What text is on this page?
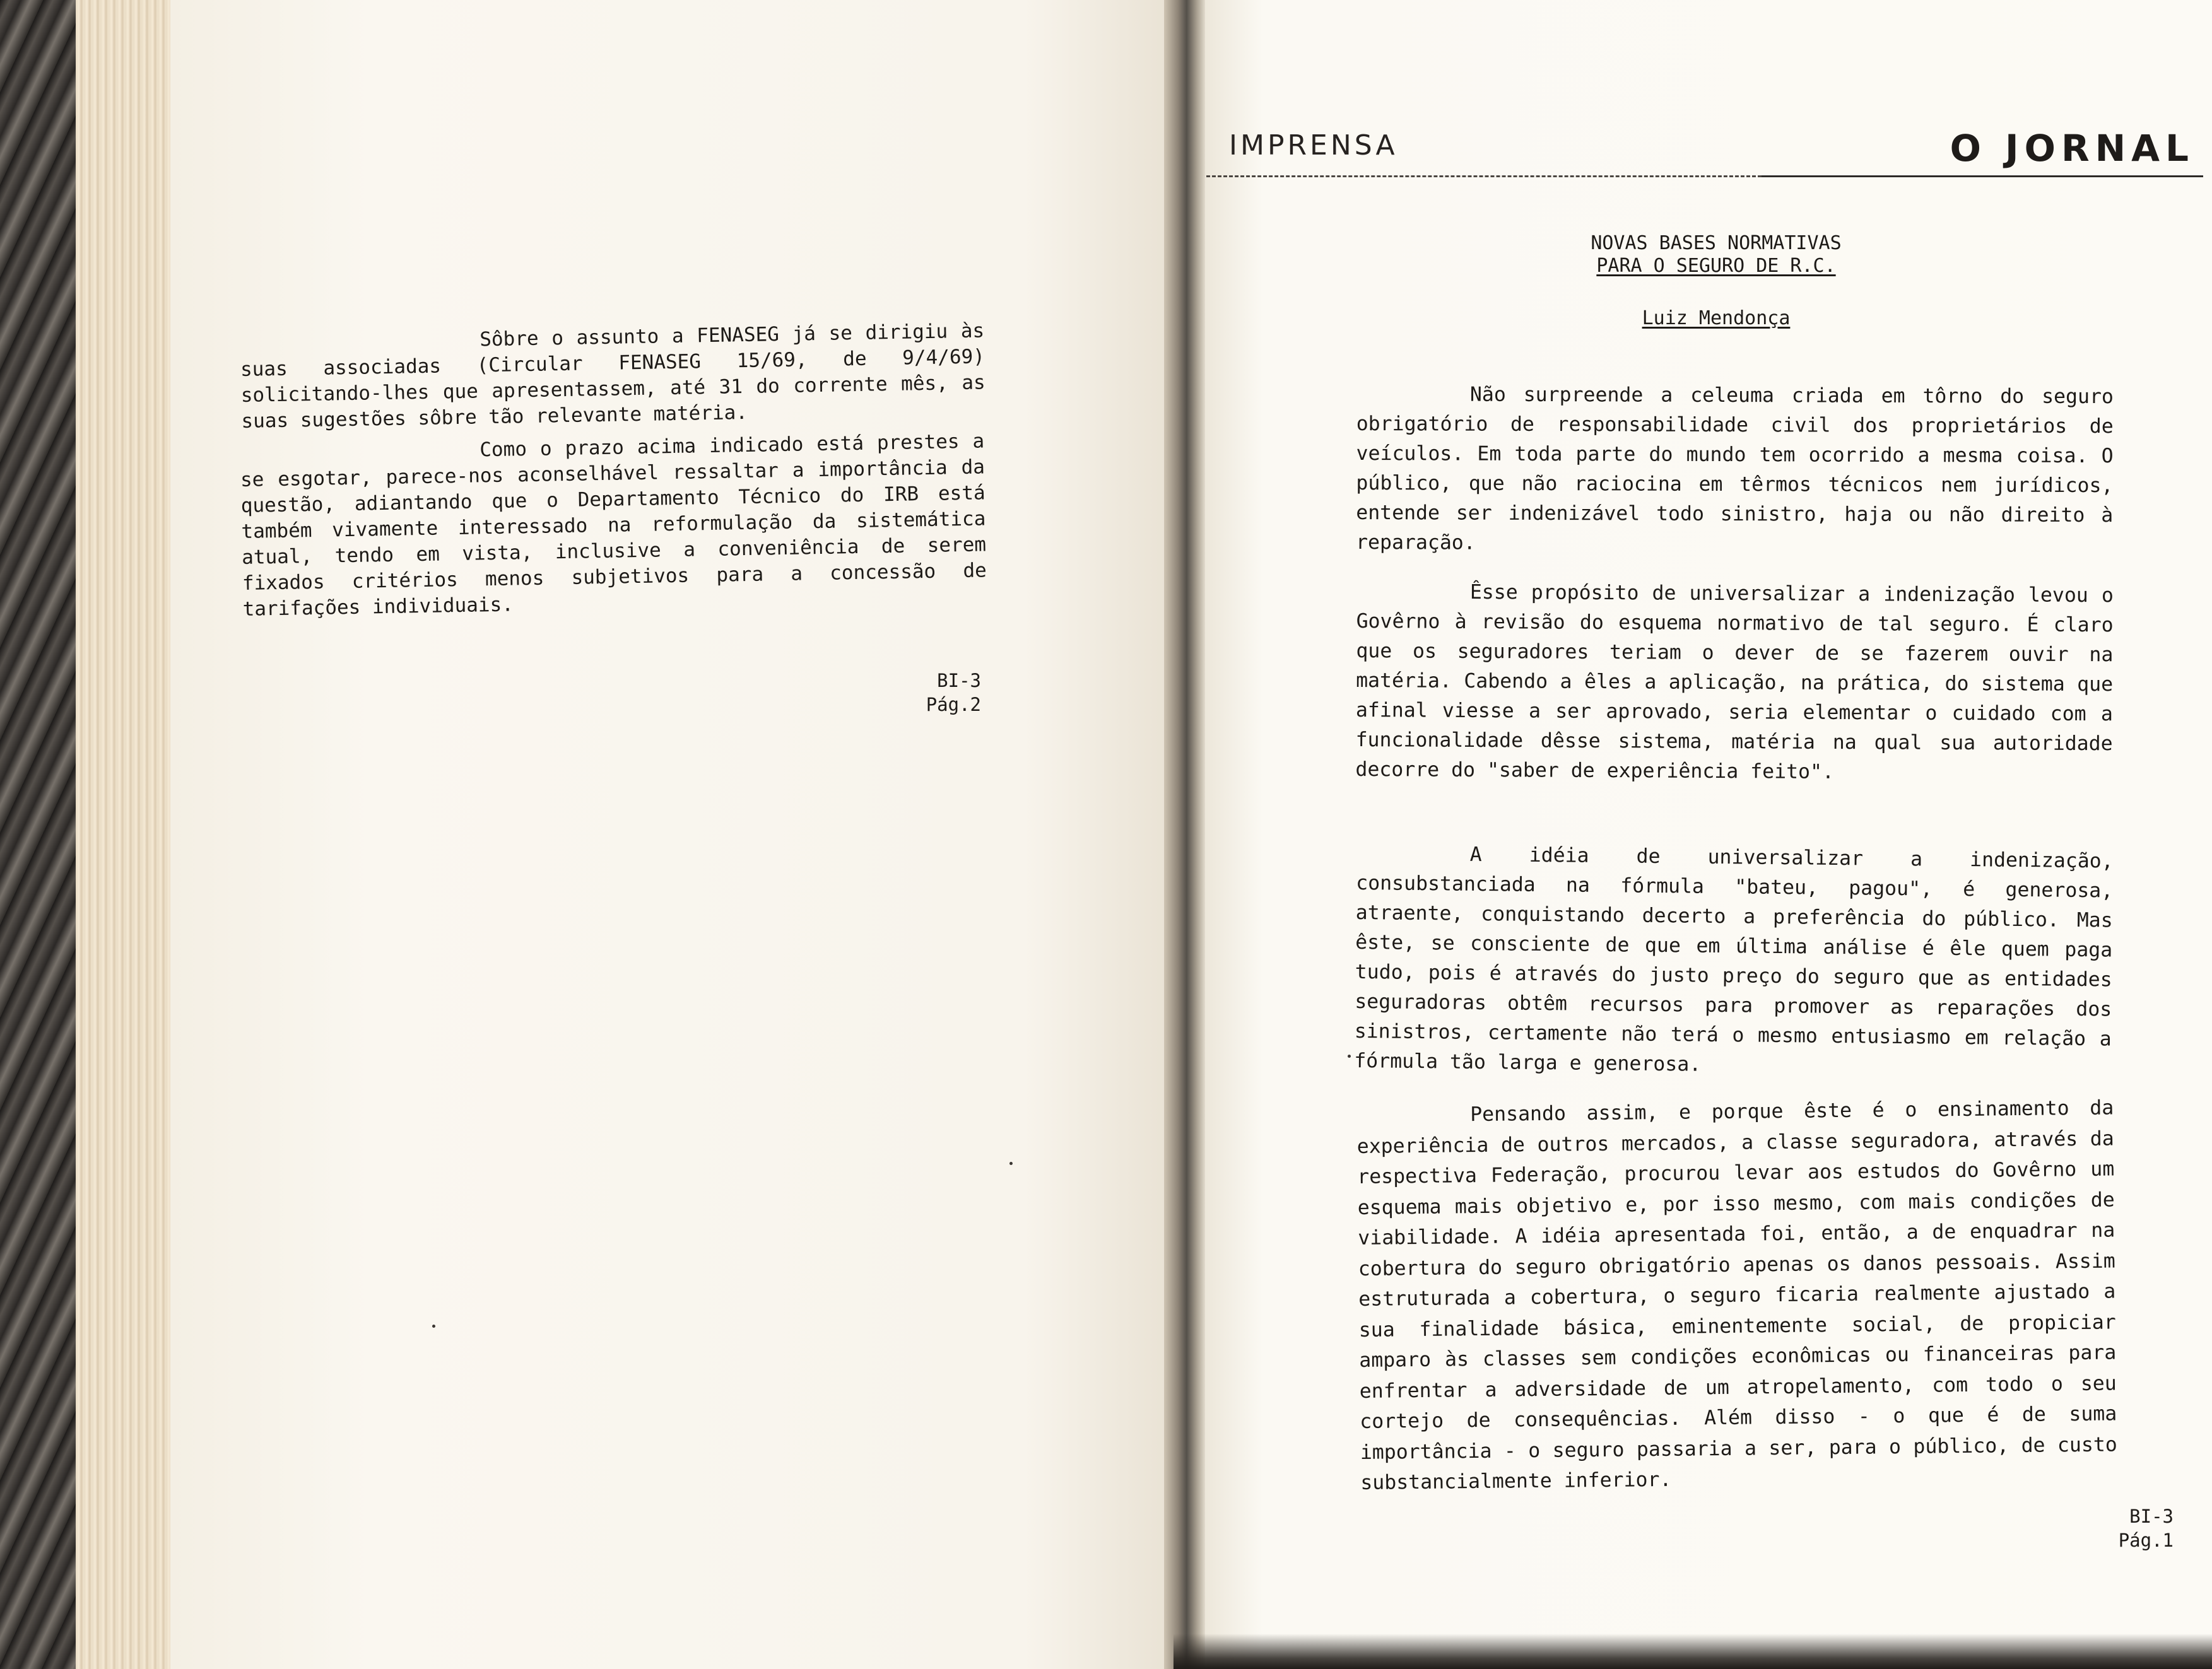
Sôbre o assunto a FENASEG já se dirigiu às suas associadas (Circular FENASEG 15/69, de 9/4/69) solicitando-lhes que apresentassem, até 31 do corrente mês, as suas sugestões sôbre tão relevante matéria.
Como o prazo acima indicado está prestes a se esgotar, parece-nos aconselhável ressaltar a importância da questão, adiantando que o Departamento Técnico do IRB está também vivamente interessado na reformulação da sistemática atual, tendo em vista, inclusive a conveniência de serem fixados critérios menos subjetivos para a concessão de tarifações individuais.
BI-3
Pág.2
IMPRENSA	O JORNAL
NOVAS BASES NORMATIVAS
PARA O SEGURO DE R.C.
Luiz Mendonça
Não surpreende a celeuma criada em tôrno do seguro obrigatório de responsabilidade civil dos proprietários de veículos. Em toda parte do mundo tem ocorrido a mesma coisa. O público, que não raciocina em têrmos técnicos nem jurídicos, entende ser indenizável todo sinistro, haja ou não direito à reparação.
Êsse propósito de universalizar a indenização levou o Govêrno à revisão do esquema normativo de tal seguro. É claro que os seguradores teriam o dever de se fazerem ouvir na matéria. Cabendo a êles a aplicação, na prática, do sistema que afinal viesse a ser aprovado, seria elementar o cuidado com a funcionalidade dêsse sistema, matéria na qual sua autoridade decorre do "saber de experiência feito".
A idéia de universalizar a indenização, consubstanciada na fórmula "bateu, pagou", é generosa, atraente, conquistando decerto a preferência do público. Mas êste, se consciente de que em última análise é êle quem paga tudo, pois é através do justo preço do seguro que as entidades seguradoras obtêm recursos para promover as reparações dos sinistros, certamente não terá o mesmo entusiasmo em relação a fórmula tão larga e generosa.
Pensando assim, e porque êste é o ensinamento da experiência de outros mercados, a classe seguradora, através da respectiva Federação, procurou levar aos estudos do Govêrno um esquema mais objetivo e, por isso mesmo, com mais condições de viabilidade. A idéia apresentada foi, então, a de enquadrar na cobertura do seguro obrigatório apenas os danos pessoais. Assim estruturada a cobertura, o seguro ficaria realmente ajustado a sua finalidade básica, eminentemente social, de propiciar amparo às classes sem condições econômicas ou financeiras para enfrentar a adversidade de um atropelamento, com todo o seu cortejo de consequências. Além disso - o que é de suma importância - o seguro passaria a ser, para o público, de custo substancialmente inferior.
BI-3
Pág.1
